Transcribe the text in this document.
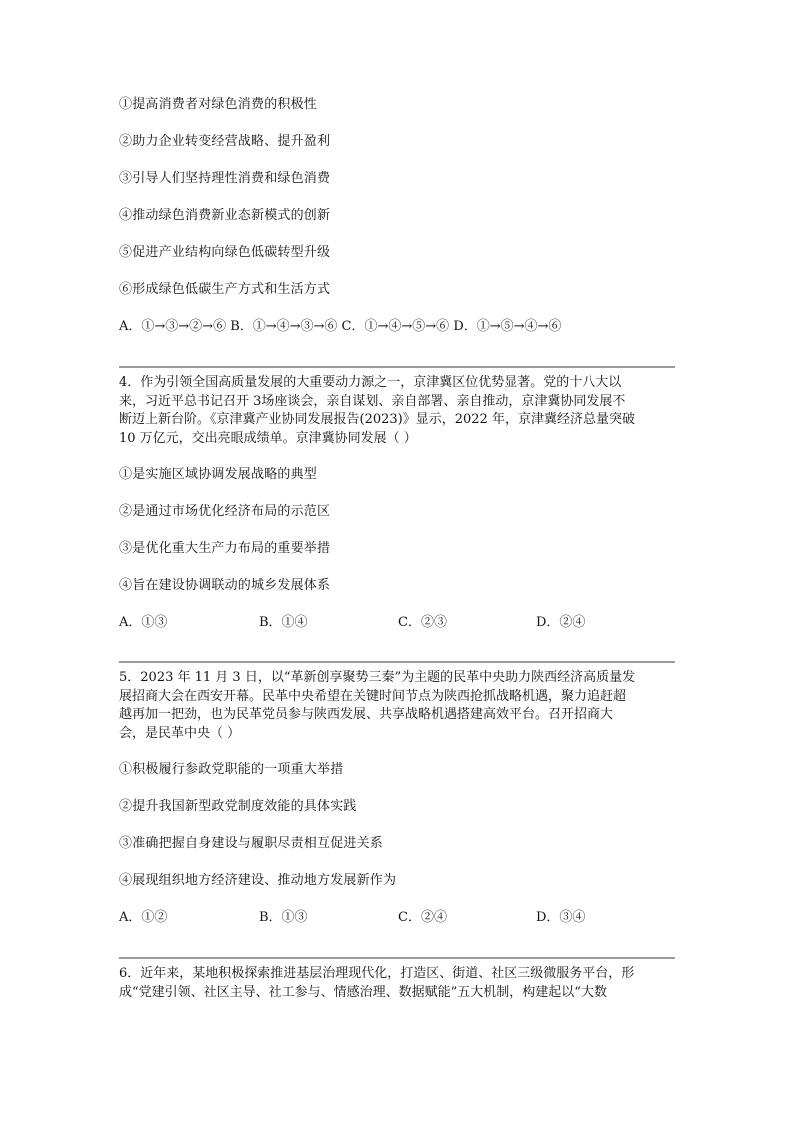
①提高消费者对绿色消费的积极性
②助力企业转变经营战略、提升盈利
③引导人们坚持理性消费和绿色消费
④推动绿色消费新业态新模式的创新
⑤促进产业结构向绿色低碳转型升级
⑥形成绿色低碳生产方式和生活方式
A．①→③→②→⑥ B．①→④→③→⑥ C．①→④→⑤→⑥ D．①→⑤→④→⑥
4．作为引领全国高质量发展的大重要动力源之一，京津冀区位优势显著。党的十八大以
来，习近平总书记召开 3场座谈会，亲自谋划、亲自部署、亲自推动，京津冀协同发展不
断迈上新台阶。《京津冀产业协同发展报告(2023)》显示，2022 年，京津冀经济总量突破
10 万亿元，交出亮眼成绩单。京津冀协同发展（ ）
①是实施区域协调发展战略的典型
②是通过市场优化经济布局的示范区
③是优化重大生产力布局的重要举措
④旨在建设协调联动的城乡发展体系
A．①③	B．①④	C．②③	D．②④
5．2023 年 11 月 3 日，以“革新创享聚势三秦”为主题的民革中央助力陕西经济高质量发
展招商大会在西安开幕。民革中央希望在关键时间节点为陕西抢抓战略机遇，聚力追赶超
越再加一把劲，也为民革党员参与陕西发展、共享战略机遇搭建高效平台。召开招商大
会，是民革中央（ ）
①积极履行参政党职能的一项重大举措
②提升我国新型政党制度效能的具体实践
③准确把握自身建设与履职尽责相互促进关系
④展现组织地方经济建设、推动地方发展新作为
A．①②	B．①③	C．②④	D．③④
6．近年来，某地积极探索推进基层治理现代化，打造区、街道、社区三级微服务平台，形
成“党建引领、社区主导、社工参与、情感治理、数据赋能”五大机制，构建起以“大数
